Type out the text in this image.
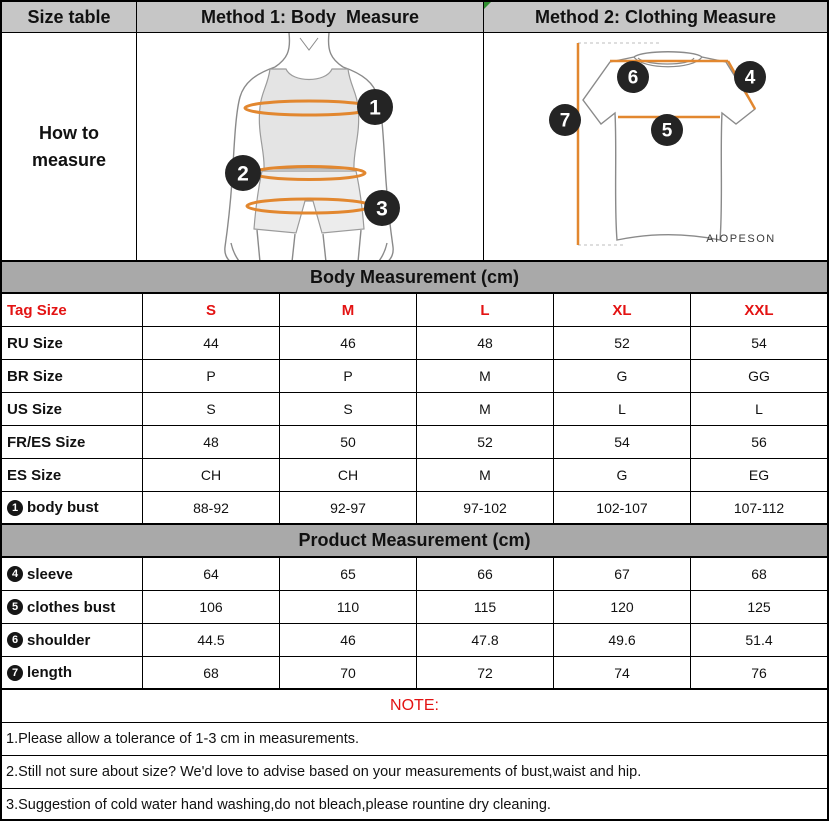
Size table	Method 1: Body  Measure	Method 2: Clothing Measure
How to measure
1
2
3
6	4
7	5
AIOPESON
Body Measurement (cm)
Tag Size	S	M	L	XL	XXL
RU Size	44	46	48	52	54
BR Size	P	P	M	G	GG
US Size	S	S	M	L	L
FR/ES Size	48	50	52	54	56
ES Size	CH	CH	M	G	EG
1 body bust	88-92	92-97	97-102	102-107	107-112
Product Measurement (cm)
4 sleeve	64	65	66	67	68
5 clothes bust	106	110	115	120	125
6 shoulder	44.5	46	47.8	49.6	51.4
7 length	68	70	72	74	76
NOTE:
1.Please allow a tolerance of 1-3 cm in measurements.
2.Still not sure about size? We'd love to advise based on your measurements of bust,waist and hip.
3.Suggestion of cold water hand washing,do not bleach,please rountine dry cleaning.
